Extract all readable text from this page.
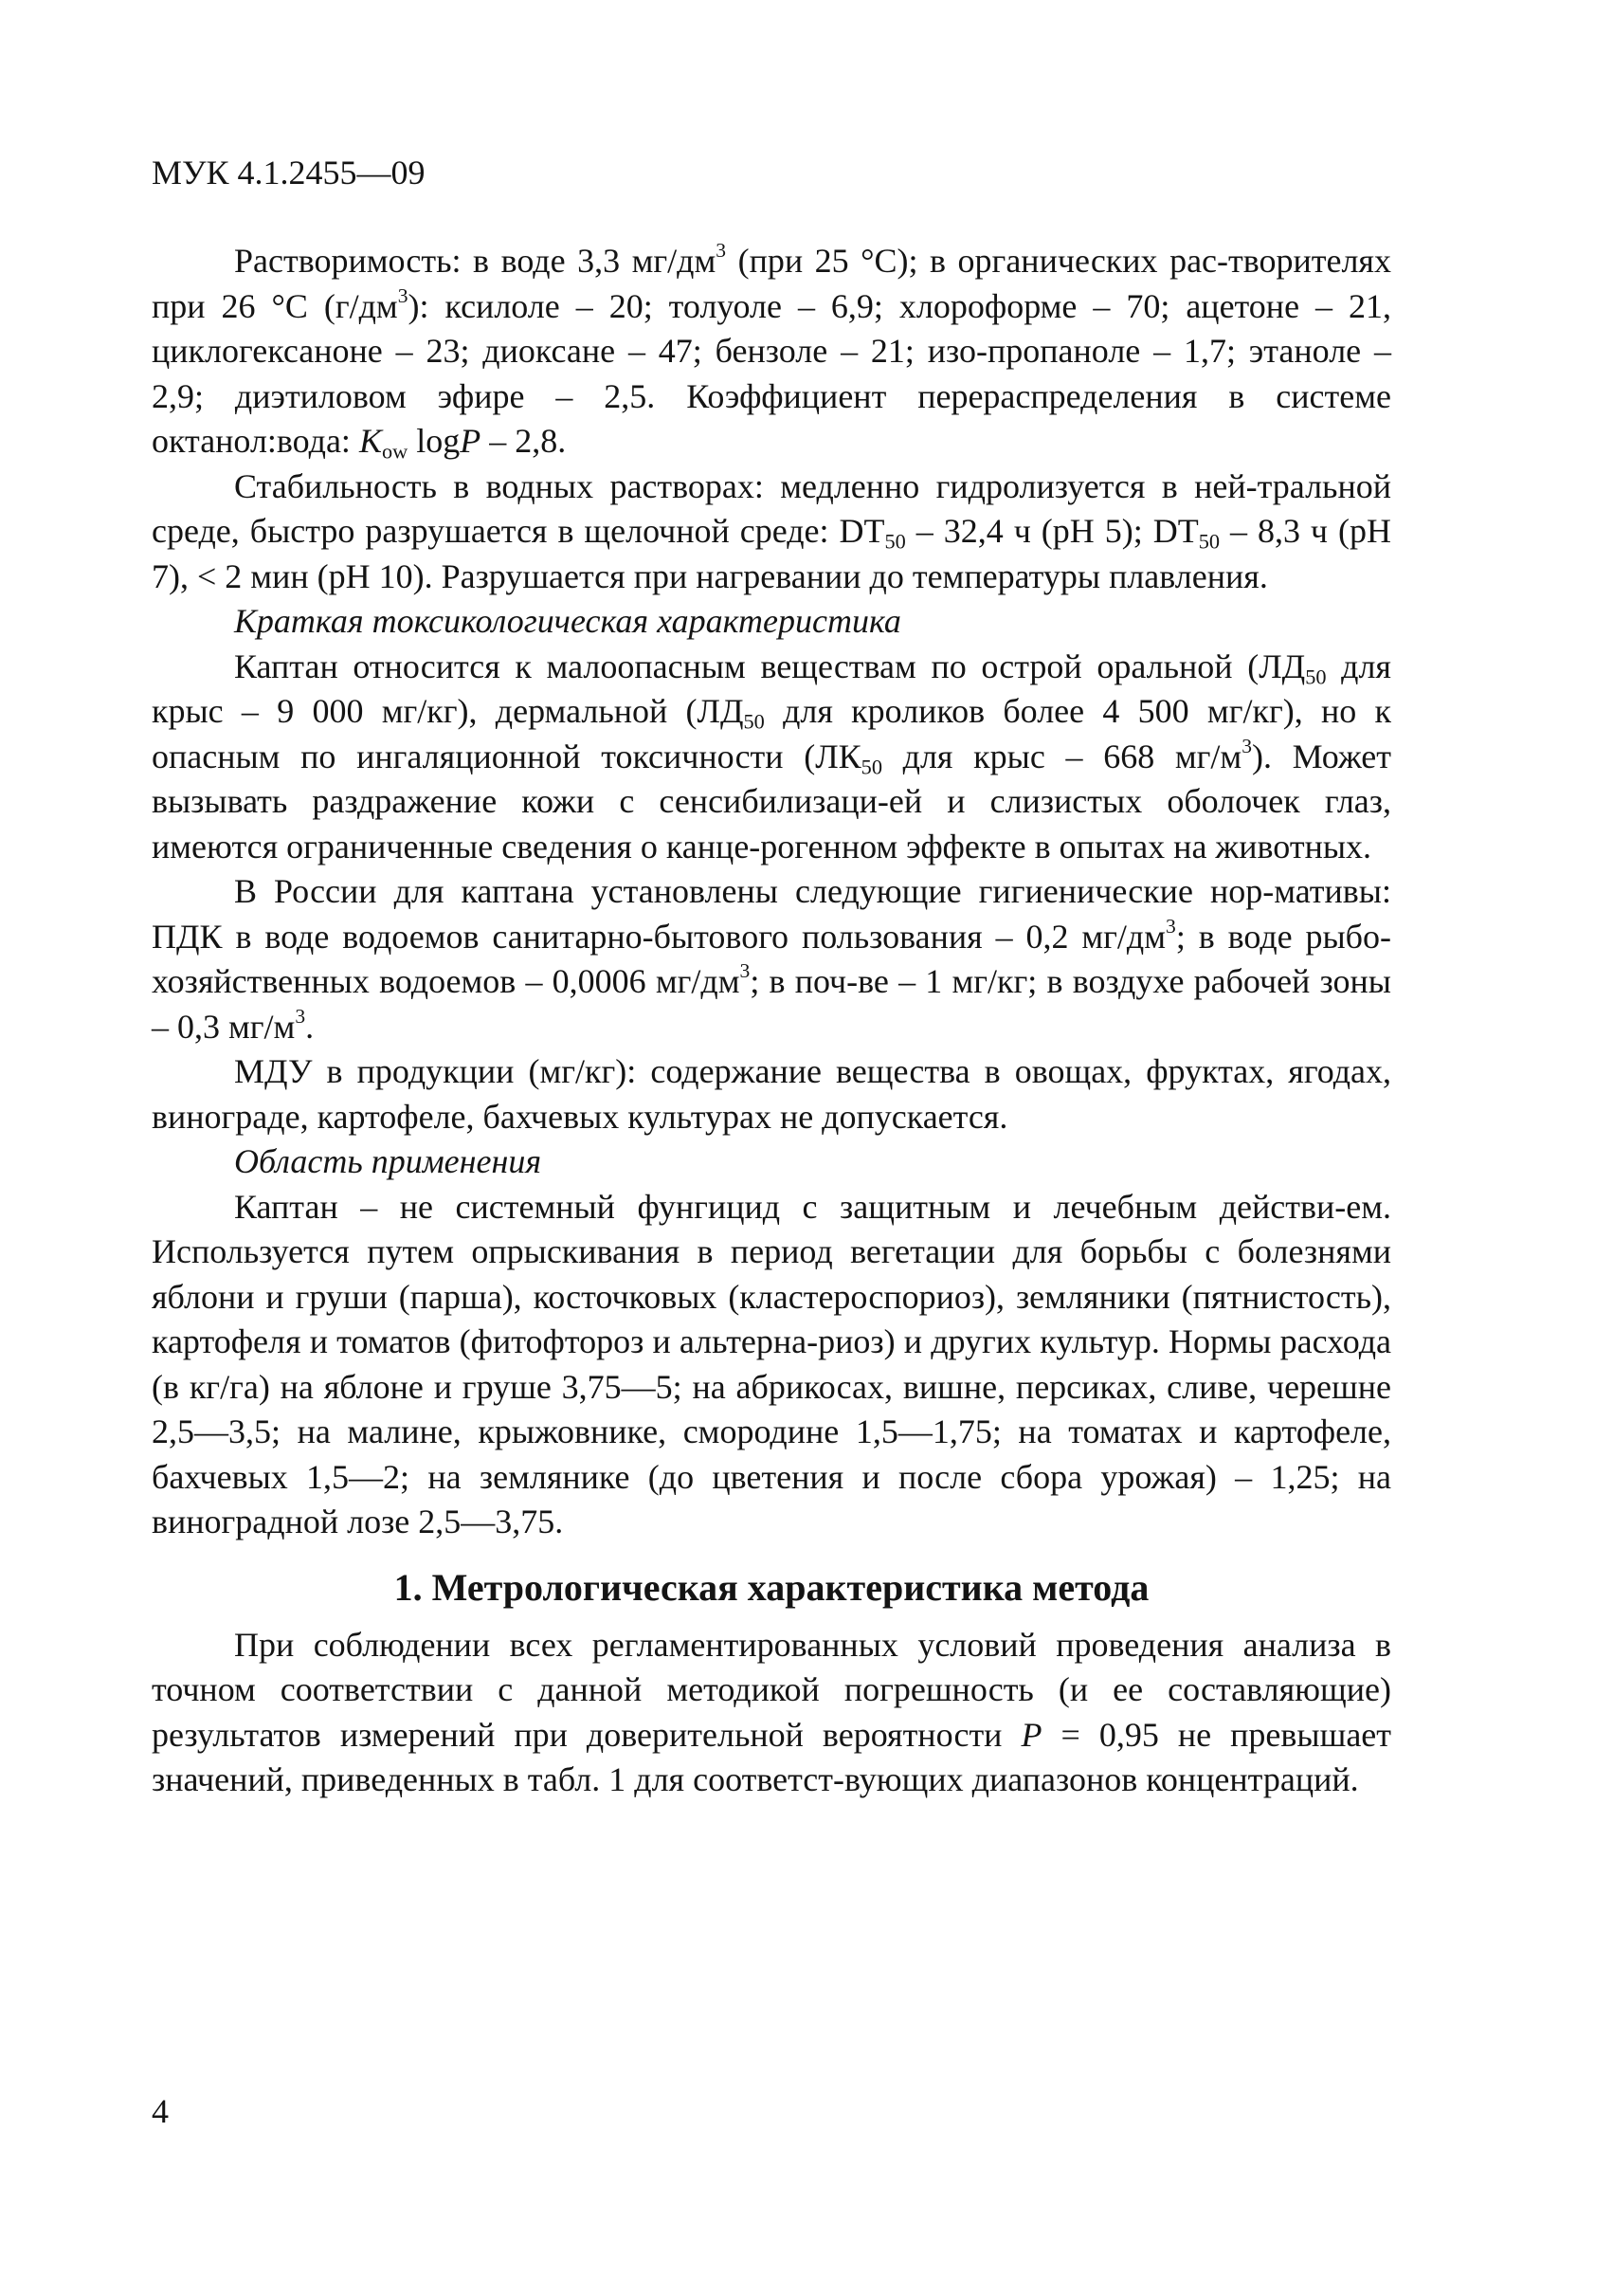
МУК 4.1.2455—09

Растворимость: в воде 3,3 $мг/дм^3$ (при 25 °С); в органических рас-творителях при 26 °С $(г/дм^3)$: ксилоле – 20; толуоле – 6,9; хлороформе – 70; ацетоне – 21, циклогексаноне – 23; диоксане – 47; бензоле – 21; изо-пропаноле – 1,7; этаноле – 2,9; диэтиловом эфире – 2,5. Коэффициент перераспределения в системе октанол:вода: $K_{ow}$ logP – 2,8.

Стабильность в водных растворах: медленно гидролизуется в ней-тральной среде, быстро разрушается в щелочной среде: $DT_{50} - 32,4$ ч (pH 5); $DT_{50} - 8,3$ ч (pH 7), < 2 мин (pH 10). Разрушается при нагревании до температуры плавления.

Краткая токсикологическая характеристика

Каптан относится к малоопасным веществам по острой оральной ($ЛД_{50}$ для крыс – 9 000 мг/кг), дермальной ($ЛД_{50}$ для кроликов более 4 500 мг/кг), но к опасным по ингаляционной токсичности ($ЛК_{50}$ для крыс – 668 $мг/м^3$). Может вызывать раздражение кожи с сенсибилизаци-ей и слизистых оболочек глаз, имеются ограниченные сведения о канце-рогенном эффекте в опытах на животных.

В России для каптана установлены следующие гигиенические нор-мативы: ПДК в воде водоемов санитарно-бытового пользования – 0,2 $мг/дм^3$; в воде рыбо-хозяйственных водоемов – 0,0006 $мг/дм^3$; в поч-ве – 1 мг/кг; в воздухе рабочей зоны – 0,3 $мг/м^3$.

МДУ в продукции (мг/кг): содержание вещества в овощах, фруктах, ягодах, винограде, картофеле, бахчевых культурах не допускается.

Область применения

Каптан – не системный фунгицид с защитным и лечебным действи-ем. Используется путем опрыскивания в период вегетации для борьбы с болезнями яблони и груши (парша), косточковых (кластероспориоз), земляники (пятнистость), картофеля и томатов (фитофтороз и альтерна-риоз) и других культур. Нормы расхода (в кг/га) на яблоне и груше 3,75—5; на абрикосах, вишне, персиках, сливе, черешне 2,5—3,5; на малине, крыжовнике, смородине 1,5—1,75; на томатах и картофеле, бахчевых 1,5—2; на землянике (до цветения и после сбора урожая) – 1,25; на виноградной лозе 2,5—3,75.

1. Метрологическая характеристика метода

При соблюдении всех регламентированных условий проведения анализа в точном соответствии с данной методикой погрешность (и ее составляющие) результатов измерений при доверительной вероятности P = 0,95 не превышает значений, приведенных в табл. 1 для соответст-вующих диапазонов концентраций.

4
